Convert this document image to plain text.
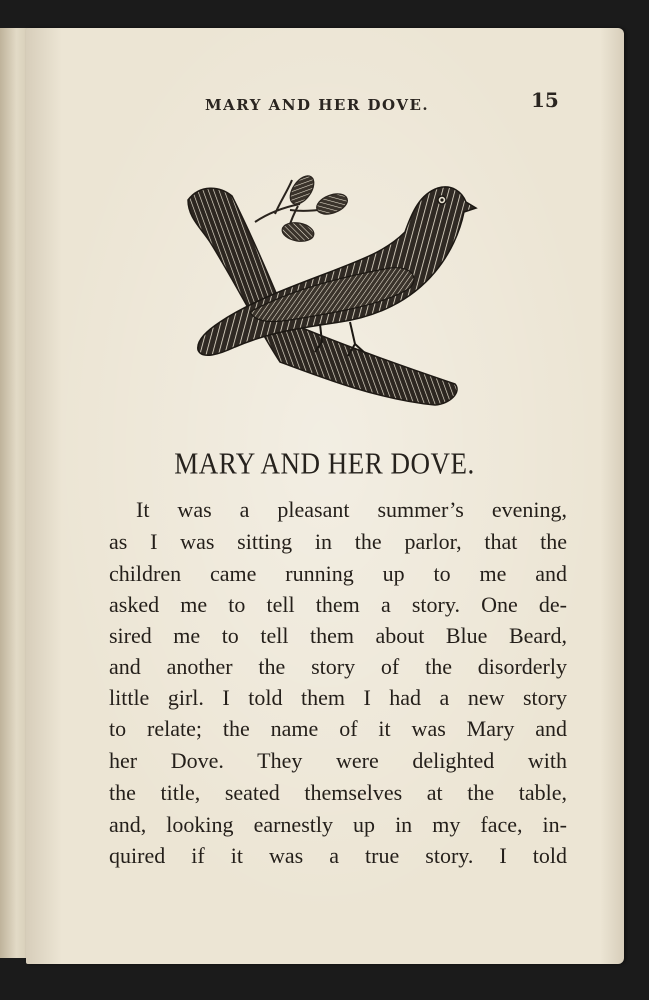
MARY AND HER DOVE.	15
MARY AND HER DOVE.
It was a pleasant summer’s evening,
as I was sitting in the parlor, that the
children came running up to me and
asked me to tell them a story. One de-
sired me to tell them about Blue Beard,
and another the story of the disorderly
little girl. I told them I had a new story
to relate; the name of it was Mary and
her Dove. They were delighted with
the title, seated themselves at the table,
and, looking earnestly up in my face, in-
quired if it was a true story. I told
